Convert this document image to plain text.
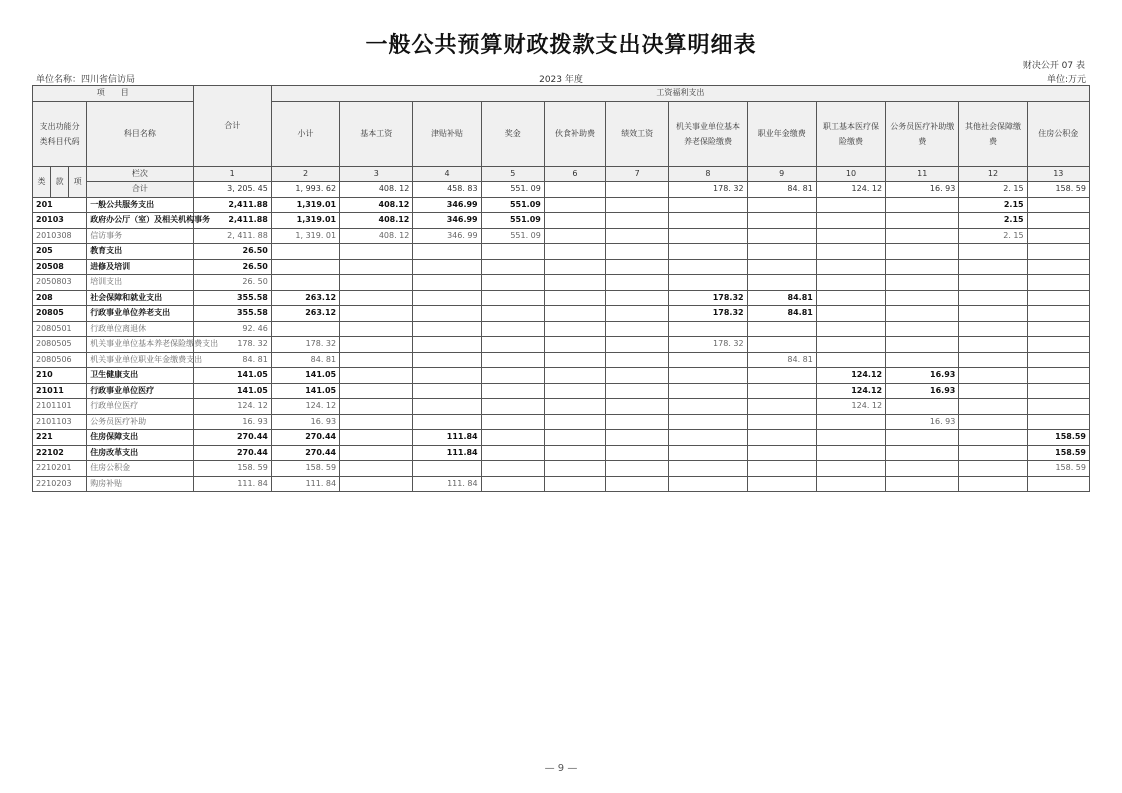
一般公共预算财政拨款支出决算明细表
财决公开 07 表
单位名称：四川省信访局	2023 年度	单位:万元
项　　目				合计	工资福利支出											
支出功能分类科目代码			科目名称		小计	基本工资	津贴补贴	奖金	伙食补助费	绩效工资	机关事业单位基本养老保险缴费	职业年金缴费	职工基本医疗保险缴费	公务员医疗补助缴费	其他社会保障缴费	住房公积金
类	款	项	栏次	1	2	3	4	5	6	7	8	9	10	11	12	13
			合计	3, 205. 45	1, 993. 62	408. 12	458. 83	551. 09			178. 32	84. 81	124. 12	16. 93	2. 15	158. 59
201			一般公共服务支出	2,411.88	1,319.01	408.12	346.99	551.09							2.15	
20103			政府办公厅（室）及相关机构事务	2,411.88	1,319.01	408.12	346.99	551.09							2.15	
2010308			信访事务	2, 411. 88	1, 319. 01	408. 12	346. 99	551. 09							2. 15	
205			教育支出	26.50												
20508			进修及培训	26.50												
2050803			培训支出	26. 50												
208			社会保障和就业支出	355.58	263.12						178.32	84.81				
20805			行政事业单位养老支出	355.58	263.12						178.32	84.81				
2080501			行政单位离退休	92. 46												
2080505			机关事业单位基本养老保险缴费支出	178. 32	178. 32						178. 32					
2080506			机关事业单位职业年金缴费支出	84. 81	84. 81							84. 81				
210			卫生健康支出	141.05	141.05								124.12	16.93		
21011			行政事业单位医疗	141.05	141.05								124.12	16.93		
2101101			行政单位医疗	124. 12	124. 12								124. 12			
2101103			公务员医疗补助	16. 93	16. 93									16. 93		
221			住房保障支出	270.44	270.44		111.84									158.59
22102			住房改革支出	270.44	270.44		111.84									158.59
2210201			住房公积金	158. 59	158. 59											158. 59
2210203			购房补贴	111. 84	111. 84		111. 84									
— 9 —
